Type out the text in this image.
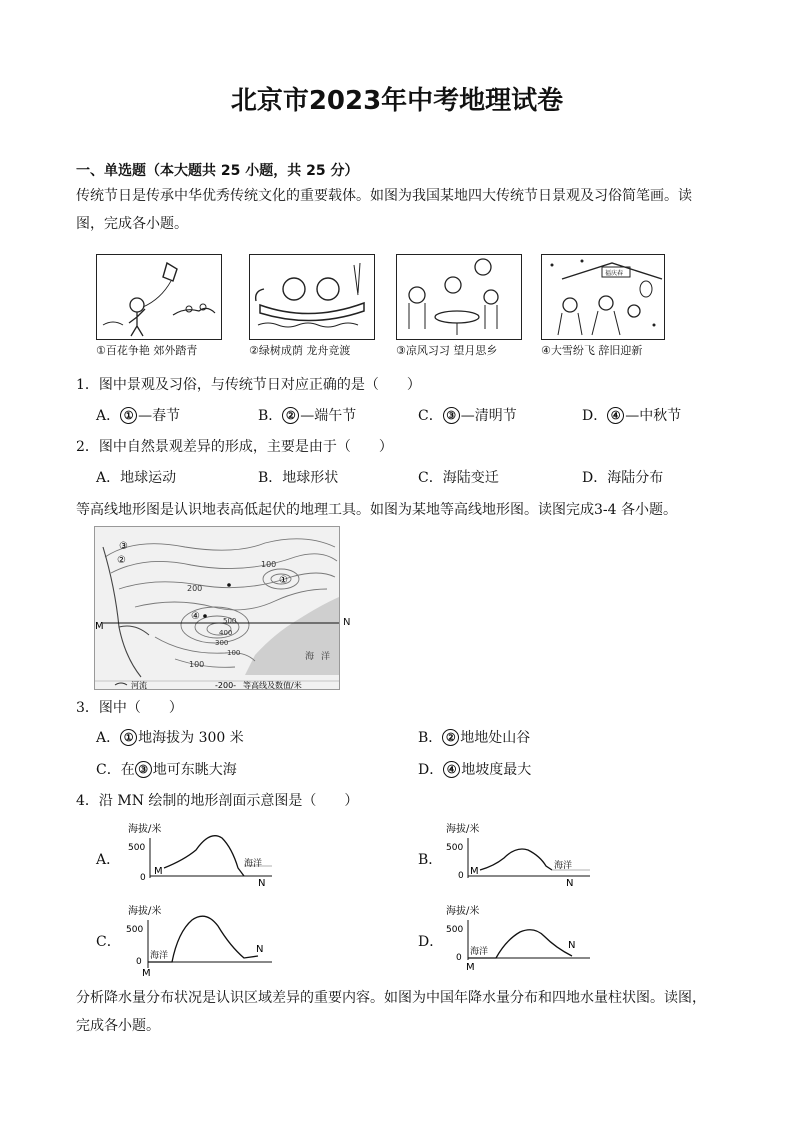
北京市2023年中考地理试卷
一、单选题（本大题共 25 小题，共 25 分）
传统节日是传承中华优秀传统文化的重要载体。如图为我国某地四大传统节日景观及习俗简笔画。读
图，完成各小题。
福庆春
①百花争艳 郊外踏青	②绿树成荫 龙舟竞渡	③凉风习习 望月思乡	④大雪纷飞 辞旧迎新
1．图中景观及习俗，与传统节日对应正确的是（　　）
A． ① —春节	B． ② —端午节	C． ③ —清明节	D． ④ —中秋节
2．图中自然景观差异的形成，主要是由于（　　）
A．地球运动	B．地球形状	C．海陆变迁	D．海陆分布
等高线地形图是认识地表高低起伏的地理工具。如图为某地等高线地形图。读图完成3-4 各小题。
M
200
100
500
400
300
100
100
海 洋
①
②
③
④
河流	-200- 等高线及数值/米
N
3．图中（　　）
A． ① 地海拔为 300 米	B． ② 地地处山谷
C．在 ③ 地可东眺大海	D． ④ 地坡度最大
4．沿 MN 绘制的地形剖面示意图是（　　）
A．
海拔/米
500
0
M
N
海洋	B．
海拔/米
500
0 M
N
海洋
C．
海拔/米
500
0
M
N
海洋
D．
海拔/米
500
0
M
N
海洋
分析降水量分布状况是认识区域差异的重要内容。如图为中国年降水量分布和四地水量柱状图。读图，
完成各小题。
